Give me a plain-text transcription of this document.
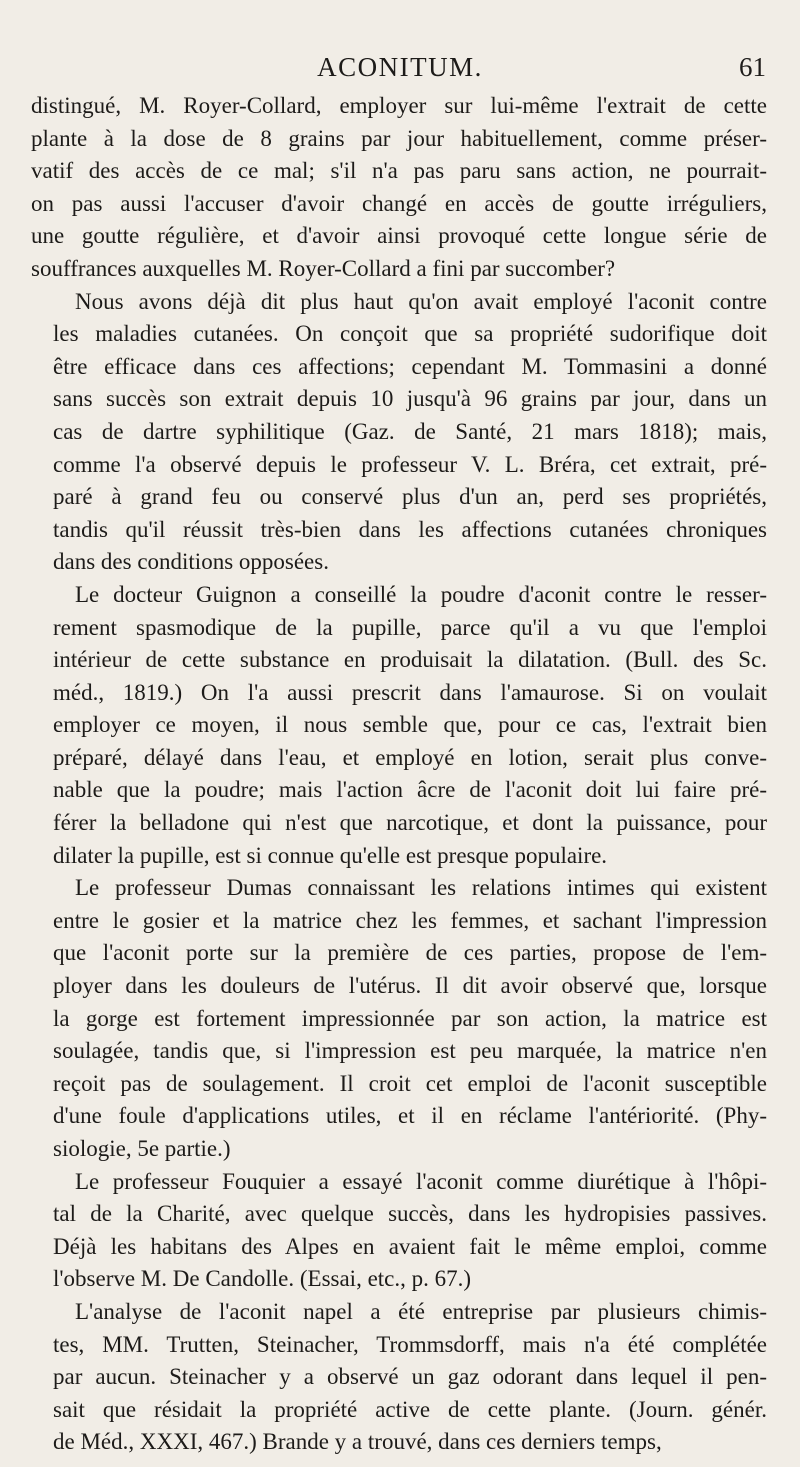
ACONITUM.	61
distingué, M. Royer-Collard, employer sur lui-même l'extrait de cette
plante à la dose de 8 grains par jour habituellement, comme préser-
vatif des accès de ce mal; s'il n'a pas paru sans action, ne pourrait-
on pas aussi l'accuser d'avoir changé en accès de goutte irréguliers,
une goutte régulière, et d'avoir ainsi provoqué cette longue série de
souffrances auxquelles M. Royer-Collard a fini par succomber?
Nous avons déjà dit plus haut qu'on avait employé l'aconit contre
les maladies cutanées. On conçoit que sa propriété sudorifique doit
être efficace dans ces affections; cependant M. Tommasini a donné
sans succès son extrait depuis 10 jusqu'à 96 grains par jour, dans un
cas de dartre syphilitique (Gaz. de Santé, 21 mars 1818); mais,
comme l'a observé depuis le professeur V. L. Bréra, cet extrait, pré-
paré à grand feu ou conservé plus d'un an, perd ses propriétés,
tandis qu'il réussit très-bien dans les affections cutanées chroniques
dans des conditions opposées.
Le docteur Guignon a conseillé la poudre d'aconit contre le resser-
rement spasmodique de la pupille, parce qu'il a vu que l'emploi
intérieur de cette substance en produisait la dilatation. (Bull. des Sc.
méd., 1819.) On l'a aussi prescrit dans l'amaurose. Si on voulait
employer ce moyen, il nous semble que, pour ce cas, l'extrait bien
préparé, délayé dans l'eau, et employé en lotion, serait plus conve-
nable que la poudre; mais l'action âcre de l'aconit doit lui faire pré-
férer la belladone qui n'est que narcotique, et dont la puissance, pour
dilater la pupille, est si connue qu'elle est presque populaire.
Le professeur Dumas connaissant les relations intimes qui existent
entre le gosier et la matrice chez les femmes, et sachant l'impression
que l'aconit porte sur la première de ces parties, propose de l'em-
ployer dans les douleurs de l'utérus. Il dit avoir observé que, lorsque
la gorge est fortement impressionnée par son action, la matrice est
soulagée, tandis que, si l'impression est peu marquée, la matrice n'en
reçoit pas de soulagement. Il croit cet emploi de l'aconit susceptible
d'une foule d'applications utiles, et il en réclame l'antériorité. (Phy-
siologie, 5e partie.)
Le professeur Fouquier a essayé l'aconit comme diurétique à l'hôpi-
tal de la Charité, avec quelque succès, dans les hydropisies passives.
Déjà les habitans des Alpes en avaient fait le même emploi, comme
l'observe M. De Candolle. (Essai, etc., p. 67.)
L'analyse de l'aconit napel a été entreprise par plusieurs chimis-
tes, MM. Trutten, Steinacher, Trommsdorff, mais n'a été complétée
par aucun. Steinacher y a observé un gaz odorant dans lequel il pen-
sait que résidait la propriété active de cette plante. (Journ. génér.
de Méd., XXXI, 467.) Brande y a trouvé, dans ces derniers temps,
